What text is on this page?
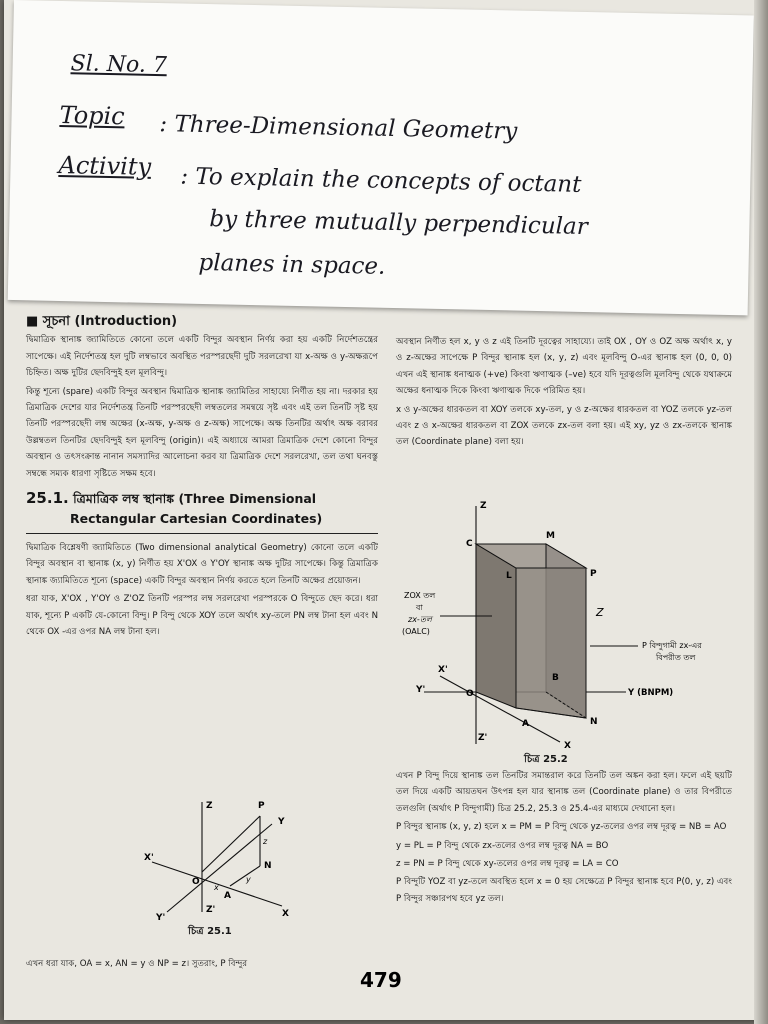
Sl. No. 7
Topic : Three-Dimensional Geometry
Activity : To explain the concepts of octant
by three mutually perpendicular
planes in space.
■ সূচনা (Introduction)

দ্বিমাত্রিক স্থানাঙ্ক জ্যামিতিতে কোনো তলে একটি বিন্দুর অবস্থান নির্ণয় করা হয় একটি নির্দেশতন্ত্রের সাপেক্ষে। এই নির্দেশতন্ত্র হল দুটি লম্বভাবে অবস্থিত পরস্পরছেদী দুটি সরলরেখা যা x-অক্ষ ও y-অক্ষরূপে চিহ্নিত। অক্ষ দুটির ছেদবিন্দুই হল মূলবিন্দু।

কিন্তু শূন্যে (spare) একটি বিন্দুর অবস্থান দ্বিমাত্রিক স্থানাঙ্ক জ্যামিতির সাহায্যে নির্ণীত হয় না। দরকার হয় ত্রিমাত্রিক দেশের যার নির্দেশতন্ত্র তিনটি পরস্পরছেদী লম্বতলের সমন্বয়ে সৃষ্ট এবং এই তল তিনটি সৃষ্ট হয় তিনটি পরস্পরছেদী লম্ব অক্ষের (x-অক্ষ, y-অক্ষ ও z-অক্ষ) সাপেক্ষে। অক্ষ তিনটির অর্থাৎ অক্ষ বরাবর উল্লম্বতল তিনটির ছেদবিন্দুই হল মূলবিন্দু (origin)। এই অধ্যায়ে আমরা ত্রিমাত্রিক দেশে কোনো বিন্দুর অবস্থান ও তৎসংক্রান্ত নানান সমস্যাদির আলোচনা করব যা ত্রিমাত্রিক দেশে সরলরেখা, তল তথা ঘনবস্তু সম্বন্ধে সম্যক ধারণা সৃষ্টিতে সক্ষম হবে।

25.1. ত্রিমাত্রিক লম্ব স্থানাঙ্ক (Three Dimensional
Rectangular Cartesian Coordinates)

দ্বিমাত্রিক বিশ্লেষণী জ্যামিতিতে (Two dimensional analytical Geometry) কোনো তলে একটি বিন্দুর অবস্থান বা স্থানাঙ্ক (x, y) নির্ণীত হয় X'OX ও Y'OY স্থানাঙ্ক অক্ষ দুটির সাপেক্ষে। কিন্তু ত্রিমাত্রিক স্থানাঙ্ক জ্যামিতিতে শূন্যে (space) একটি বিন্দুর অবস্থান নির্ণয় করতে হলে তিনটি অক্ষের প্রয়োজন।

ধরা যাক, X'OX , Y'OY ও Z'OZ তিনটি পরস্পর লম্ব সরলরেখা পরস্পরকে O বিন্দুতে ছেদ করে। ধরা যাক, শূন্যে P একটি যে-কোনো বিন্দু। P বিন্দু থেকে XOY তলে অর্থাৎ xy-তলে PN লম্ব টানা হল এবং N থেকে OX -এর ওপর NA লম্ব টানা হল।

Z	P
Y
X
X'
Y'
Z'
O
A
N
x
y
z
চিত্র 25.1
এখন ধরা যাক, OA = x, AN = y ও NP = z। সুতরাং, P বিন্দুর

অবস্থান নির্ণীত হল x, y ও z এই তিনটি দূরত্বের সাহায্যে। তাই OX , OY ও OZ অক্ষ অর্থাৎ x, y ও z-অক্ষের সাপেক্ষে P বিন্দুর স্থানাঙ্ক হল (x, y, z) এবং মূলবিন্দু O-এর স্থানাঙ্ক হল (0, 0, 0) এখন এই স্থানাঙ্ক ধনাত্মক (+ve) কিংবা ঋণাত্মক (–ve) হবে যদি দূরত্বগুলি মূলবিন্দু থেকে যথাক্রমে অক্ষের ধনাত্মক দিকে কিংবা ঋণাত্মক দিকে পরিমিত হয়।

x ও y-অক্ষের ধারকতল বা XOY তলকে xy-তল, y ও z-অক্ষের ধারকতল বা YOZ তলকে yz-তল এবং z ও x-অক্ষের ধারকতল বা ZOX তলকে zx-তল বলা হয়। এই xy, yz ও zx-তলকে স্থানাঙ্ক তল (Coordinate plane) বলা হয়।

Z
C
M
L	P
Z
X'
Y'	O
B
A	N
X
Z'
Y (BNPM)
ZOX তল
বা
zx-তল
(OALC)
P বিন্দুগামী zx-এর
বিপরীত তল
চিত্র 25.2

এখন P বিন্দু দিয়ে স্থানাঙ্ক তল তিনটির সমান্তরাল করে তিনটি তল অঙ্কন করা হল। ফলে এই ছয়টি তল দিয়ে একটি আয়তঘন উৎপন্ন হল যার স্থানাঙ্ক তল (Coordinate plane) ও তার বিপরীতে তলগুলি (অর্থাৎ P বিন্দুগামী) চিত্র 25.2, 25.3 ও 25.4-এর মাধ্যমে দেখানো হল।

P বিন্দুর স্থানাঙ্ক (x, y, z) হলে x = PM = P বিন্দু থেকে yz-তলের ওপর লম্ব দূরত্ব = NB = AO

y = PL = P বিন্দু থেকে zx-তলের ওপর লম্ব দূরত্ব NA = BO

z = PN = P বিন্দু থেকে xy-তলের ওপর লম্ব দূরত্ব = LA = CO

P বিন্দুটি YOZ বা yz-তলে অবস্থিত হলে x = 0 হয় সেক্ষেত্রে P বিন্দুর স্থানাঙ্ক হবে P(0, y, z) এবং P বিন্দুর সঞ্চারপথ হবে yz তল।

479
